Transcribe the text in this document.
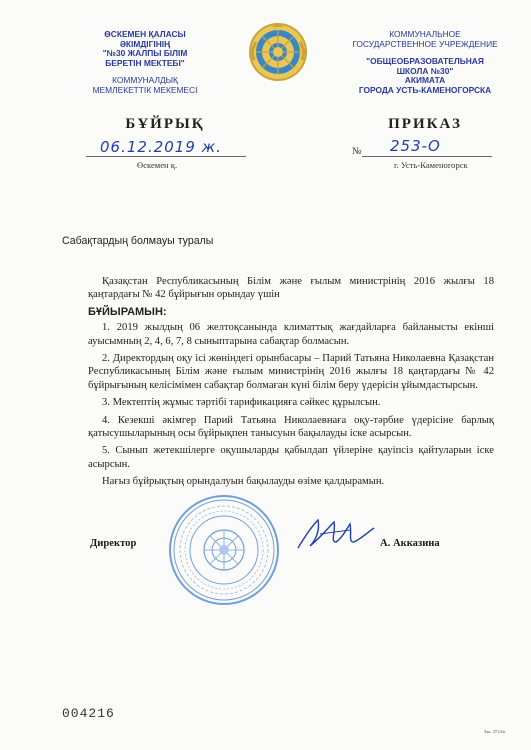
ӨСКЕМЕН ҚАЛАСЫ
ӘКІМДІГІНІҢ
"№30 ЖАЛПЫ БІЛІМ
БЕРЕТІН МЕКТЕБІ"
КОММУНАЛДЫҚ
МЕМЛЕКЕТТІК МЕКЕМЕСІ
КОММУНАЛЬНОЕ
ГОСУДАРСТВЕННОЕ УЧРЕЖДЕНИЕ
"ОБЩЕОБРАЗОВАТЕЛЬНАЯ
ШКОЛА №30"
АКИМАТА
ГОРОДА УСТЬ-КАМЕНОГОРСКА
БҰЙРЫҚ	ПРИКАЗ
06.12.2019 ж.
Өскемен қ.
№ 253-О
г. Усть-Каменогорск
Сабақтардың болмауы туралы

Қазақстан Республикасының Білім және ғылым министрінің 2016 жылғы 18 қаңтардағы № 42 бұйрығын орындау үшін

БҰЙЫРАМЫН:

1. 2019 жылдың 06 желтоқсанында климаттық жағдайларға байланысты екінші ауысымның 2, 4, 6, 7, 8 сыныптарына сабақтар болмасын.

2. Директордың оқу ісі жөніндегі орынбасары – Парий Татьяна Николаевна Қазақстан Республикасының Білім және ғылым министрінің 2016 жылғы 18 қаңтардағы № 42 бұйрығының келісімімен сабақтар болмаған күні білім беру үдерісін ұйымдастырсын.

3. Мектептің жұмыс тәртібі тарификацияға сәйкес құрылсын.

4. Кезекші әкімгер Парий Татьяна Николаевнаға оқу-тәрбие үдерісіне барлық қатысушыларының осы бұйрықпен танысуын бақылауды іске асырсын.

5. Сынып жетекшілерге оқушыларды қабылдап үйлеріне қауіпсіз қайтуларын іске асырсын.

Нағыз бұйрықтың орындалуын бақылауды өзіме қалдырамын.

Директор	А. Акказина
004216
Зак. 4714/н
